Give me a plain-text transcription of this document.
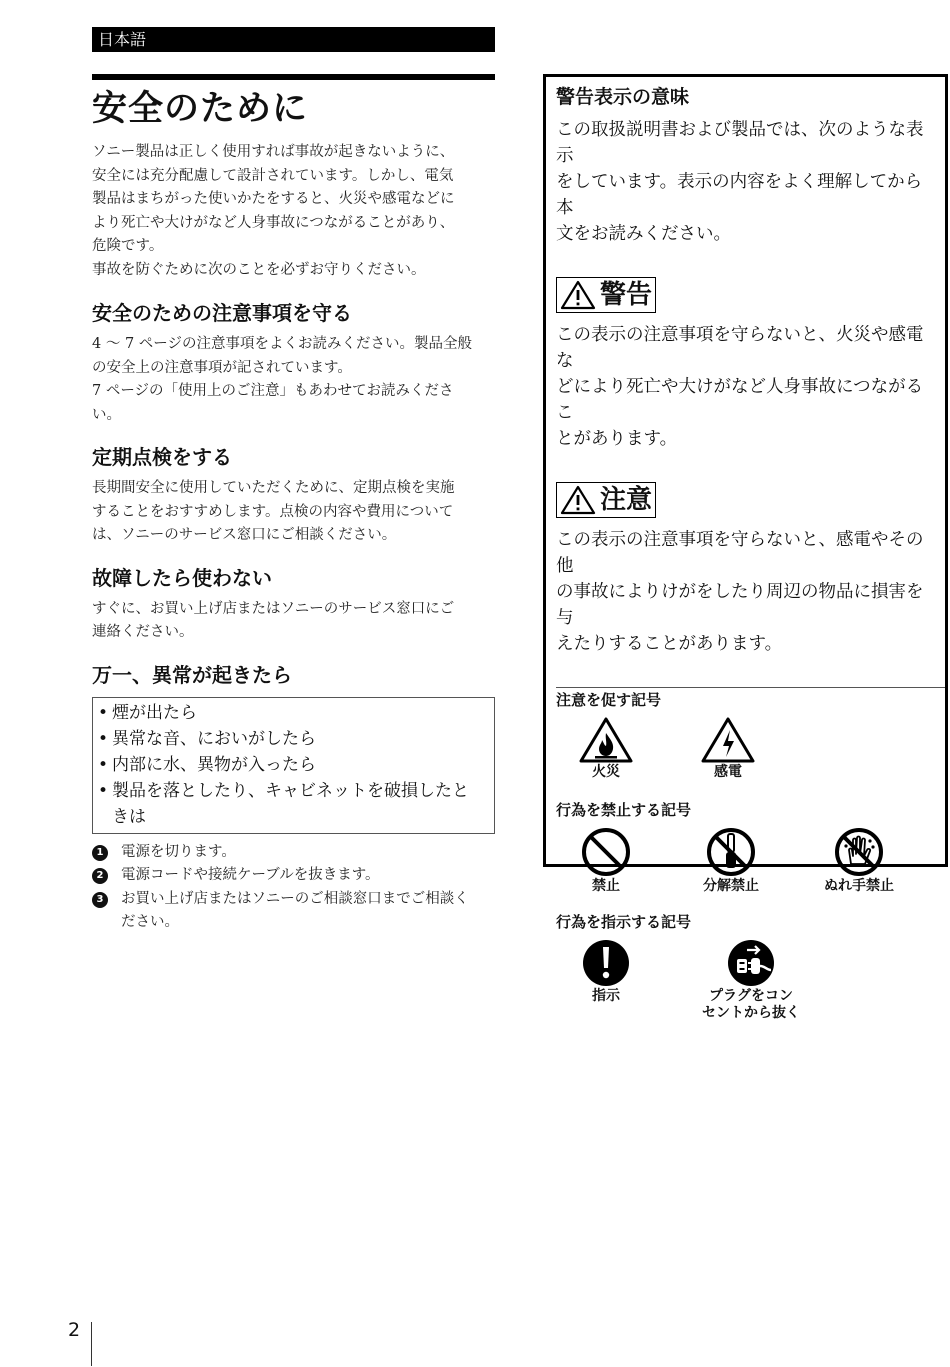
日本語
安全のために
ソニー製品は正しく使用すれば事故が起きないように、
安全には充分配慮して設計されています。しかし、電気
製品はまちがった使いかたをすると、火災や感電などに
より死亡や大けがなど人身事故につながることがあり、
危険です。
事故を防ぐために次のことを必ずお守りください。
安全のための注意事項を守る
4 ～ 7 ページの注意事項をよくお読みください。製品全般
の安全上の注意事項が記されています。
7 ページの「使用上のご注意」もあわせてお読みくださ
い。
定期点検をする
長期間安全に使用していただくために、定期点検を実施
することをおすすめします。点検の内容や費用について
は、ソニーのサービス窓口にご相談ください。
故障したら使わない
すぐに、お買い上げ店またはソニーのサービス窓口にご
連絡ください。
万一、異常が起きたら
• 煙が出たら
• 異常な音、においがしたら
• 内部に水、異物が入ったら
• 製品を落としたり、キャビネットを破損したと
きは
1	電源を切ります。
2	電源コードや接続ケーブルを抜きます。
3	お買い上げ店またはソニーのご相談窓口までご相談く
ださい。
警告表示の意味
この取扱説明書および製品では、次のような表示
をしています。表示の内容をよく理解してから本
文をお読みください。
警告
この表示の注意事項を守らないと、火災や感電な
どにより死亡や大けがなど人身事故につながるこ
とがあります。
注意
この表示の注意事項を守らないと、感電やその他
の事故によりけがをしたり周辺の物品に損害を与
えたりすることがあります。
注意を促す記号
火災	感電
行為を禁止する記号
禁止	分解禁止	ぬれ手禁止
行為を指示する記号
指示	プラグをコン
セントから抜く
2
